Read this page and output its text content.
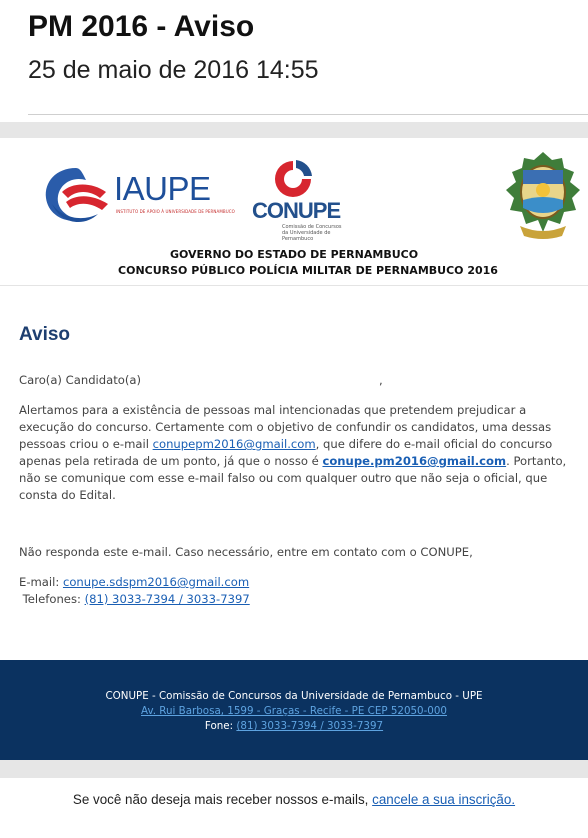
PM 2016 - Aviso
25 de maio de 2016 14:55
IAUPE
INSTITUTO DE APOIO À UNIVERSIDADE DE PERNAMBUCO CONUPE
Comissão de Concursos da Universidade de Pernambuco
GOVERNO DO ESTADO DE PERNAMBUCO
CONCURSO PÚBLICO POLÍCIA MILITAR DE PERNAMBUCO 2016
Aviso
Caro(a) Candidato(a)	,
Alertamos para a existência de pessoas mal intencionadas que pretendem prejudicar a
execução do concurso. Certamente com o objetivo de confundir os candidatos, uma dessas
pessoas criou o e-mail conupepm2016@gmail.com, que difere do e-mail oficial do concurso
apenas pela retirada de um ponto, já que o nosso é conupe.pm2016@gmail.com. Portanto,
não se comunique com esse e-mail falso ou com qualquer outro que não seja o oficial, que
consta do Edital.
Não responda este e-mail. Caso necessário, entre em contato com o CONUPE,
E-mail: conupe.sdspm2016@gmail.com
Telefones: (81) 3033-7394 / 3033-7397
CONUPE - Comissão de Concursos da Universidade de Pernambuco - UPE
Av. Rui Barbosa, 1599 - Graças - Recife - PE CEP 52050-000
Fone: (81) 3033-7394 / 3033-7397
Se você não deseja mais receber nossos e-mails, cancele a sua inscrição.
